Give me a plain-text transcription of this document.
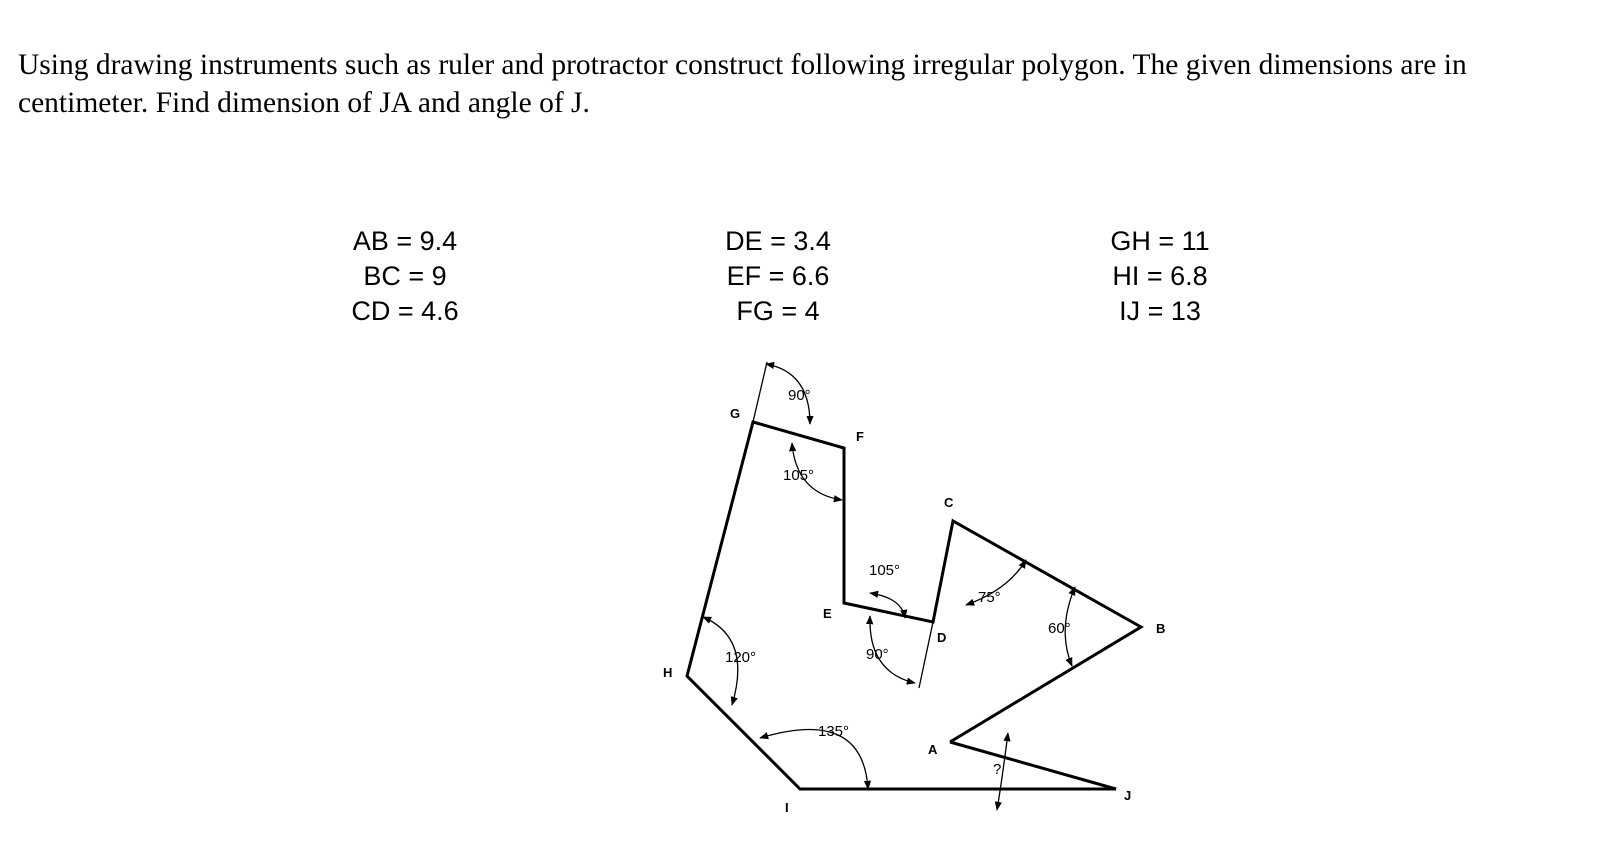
Using drawing instruments such as ruler and protractor construct following irregular polygon. The given dimensions are in centimeter. Find dimension of JA and angle of J.

AB = 9.4
BC = 9
CD = 4.6
DE = 3.4
EF = 6.6
FG = 4
GH = 11
HI = 6.8
IJ = 13
A
B
C
D
E
F
G
H
I
J
90°
105°
105°
75°
60°
90°
120°
135°
?
